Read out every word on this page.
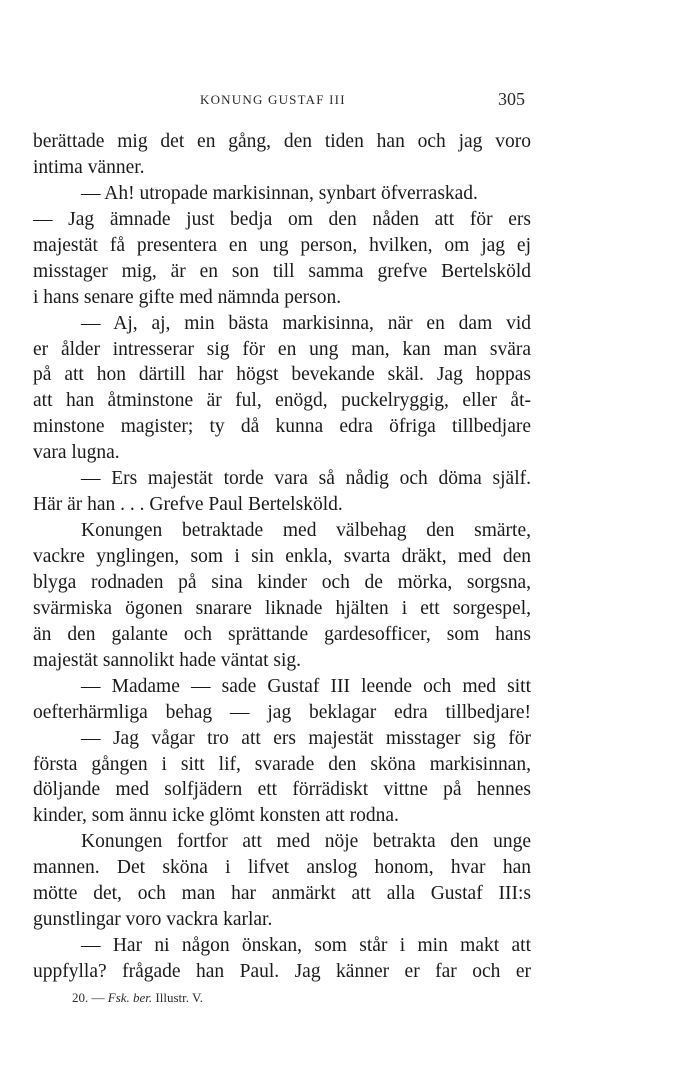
KONUNG GUSTAF III	305
berättade mig det en gång, den tiden han och jag voro
intima vänner.
— Ah! utropade markisinnan, synbart öfverraskad.
— Jag ämnade just bedja om den nåden att för ers
majestät få presentera en ung person, hvilken, om jag ej
misstager mig, är en son till samma grefve Bertelsköld
i hans senare gifte med nämnda person.
— Aj, aj, min bästa markisinna, när en dam vid
er ålder intresserar sig för en ung man, kan man svära
på att hon därtill har högst bevekande skäl. Jag hoppas
att han åtminstone är ful, enögd, puckelryggig, eller åt-
minstone magister; ty då kunna edra öfriga tillbedjare
vara lugna.
— Ers majestät torde vara så nådig och döma själf.
Här är han . . . Grefve Paul Bertelsköld.
Konungen betraktade med välbehag den smärte,
vackre ynglingen, som i sin enkla, svarta dräkt, med den
blyga rodnaden på sina kinder och de mörka, sorgsna,
svärmiska ögonen snarare liknade hjälten i ett sorgespel,
än den galante och sprättande gardesofficer, som hans
majestät sannolikt hade väntat sig.
— Madame — sade Gustaf III leende och med sitt
oefterhärmliga behag — jag beklagar edra tillbedjare!
— Jag vågar tro att ers majestät misstager sig för
första gången i sitt lif, svarade den sköna markisinnan,
döljande med solfjädern ett förrädiskt vittne på hennes
kinder, som ännu icke glömt konsten att rodna.
Konungen fortfor att med nöje betrakta den unge
mannen. Det sköna i lifvet anslog honom, hvar han
mötte det, och man har anmärkt att alla Gustaf III:s
gunstlingar voro vackra karlar.
— Har ni någon önskan, som står i min makt att
uppfylla? frågade han Paul. Jag känner er far och er
20. — Fsk. ber. Illustr. V.
